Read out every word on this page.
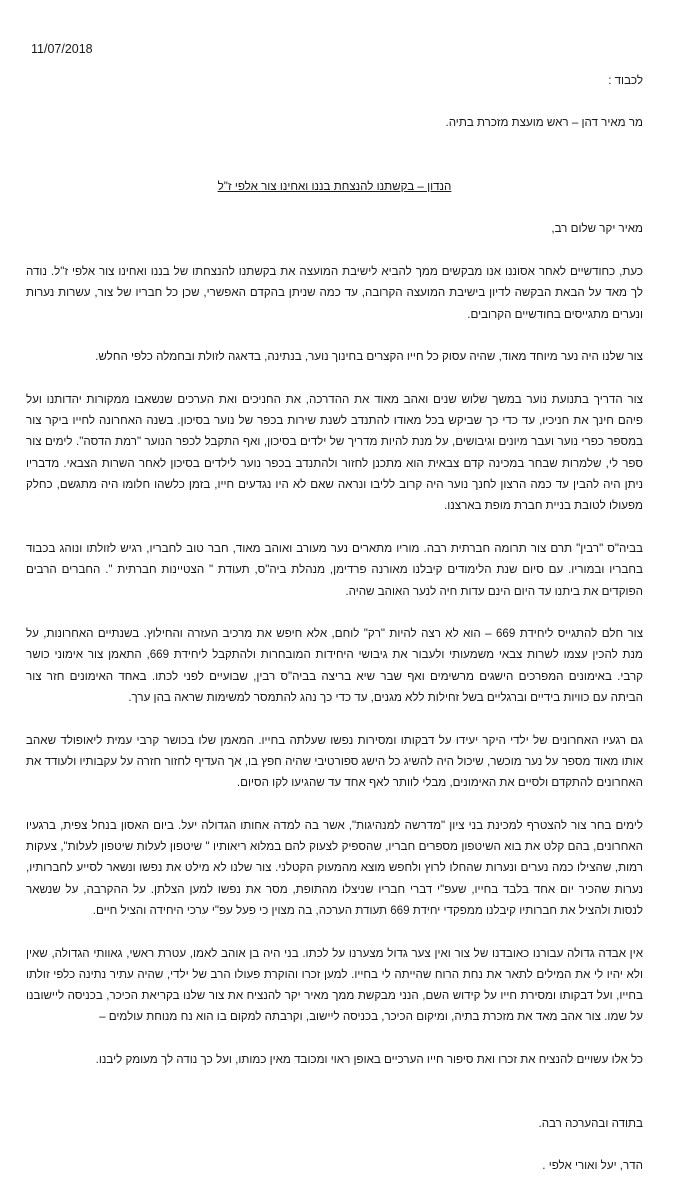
11/07/2018

לכבוד :

מר מאיר דהן – ראש מועצת מזכרת בתיה.

הנדון – בקשתנו להנצחת בננו ואחינו צור אלפי ז"ל

מאיר יקר שלום רב,

כעת, כחודשיים לאחר אסוננו אנו מבקשים ממך להביא לישיבת המועצה את בקשתנו להנצחתו של בננו ואחינו צור אלפי ז"ל. נודה לך מאד על הבאת הבקשה לדיון בישיבת המועצה הקרובה, עד כמה שניתן בהקדם האפשרי, שכן כל חבריו של צור, עשרות נערות ונערים מתגייסים בחודשיים הקרובים.

צור שלנו היה נער מיוחד מאוד, שהיה עסוק כל חייו הקצרים בחינוך נוער, בנתינה, בדאגה לזולת ובחמלה כלפי החלש.

צור הדריך בתנועת נוער במשך שלוש שנים ואהב מאוד את ההדרכה, את החניכים ואת הערכים שנשאבו ממקורות יהדותנו ועל פיהם חינך את חניכיו, עד כדי כך שביקש בכל מאודו להתנדב לשנת שירות בכפר של נוער בסיכון. בשנה האחרונה לחייו ביקר צור במספר כפרי נוער ועבר מיונים וגיבושים, על מנת להיות מדריך של ילדים בסיכון, ואף התקבל לכפר הנוער "רמת הדסה". לימים צור ספר לי, שלמרות שבחר במכינה קדם צבאית הוא מתכנן לחזור ולהתנדב בכפר נוער לילדים בסיכון לאחר השרות הצבאי. מדבריו ניתן היה להבין עד כמה הרצון לחנך נוער היה קרוב לליבו ונראה שאם לא היו נגדעים חייו, בזמן כלשהו חלומו היה מתגשם, כחלק מפעולו לטובת בניית חברת מופת בארצנו.

בביה"ס "רבין" תרם צור תרומה חברתית רבה. מוריו מתארים נער מעורב ואוהב מאוד, חבר טוב לחבריו, רגיש לזולתו ונוהג בכבוד בחבריו ובמוריו. עם סיום שנת הלימודים קיבלנו מאורנה פרדימן, מנהלת ביה"ס, תעודת " הצטיינות חברתית ". החברים הרבים הפוקדים את ביתנו עד היום הינם עדות חיה לנער האוהב שהיה.

צור חלם להתגייס ליחידת 669 – הוא לא רצה להיות "רק" לוחם, אלא חיפש את מרכיב העזרה והחילוץ. בשנתיים האחרונות, על מנת להכין עצמו לשרות צבאי משמעותי ולעבור את גיבושי היחידות המובחרות ולהתקבל ליחידת 669, התאמן צור אימוני כושר קרבי. באימונים המפרכים הישגים מרשימים ואף שבר שיא בריצה בביה"ס רבין, שבועיים לפני לכתו. באחד האימונים חזר צור הביתה עם כוויות בידיים וברגליים בשל זחילות ללא מגנים, עד כדי כך נהג להתמסר למשימות שראה בהן ערך.

גם רגעיו האחרונים של ילדי היקר יעידו על דבקותו ומסירות נפשו שעלתה בחייו. המאמן שלו בכושר קרבי עמית ליאופולד שאהב אותו מאוד מספר על נער מוכשר, שיכול היה להשיג כל הישג ספורטיבי שהיה חפץ בו, אך העדיף לחזור חזרה על עקבותיו ולעודד את האחרונים להתקדם ולסיים את האימונים, מבלי לוותר לאף אחד עד שהגיעו לקו הסיום.

לימים בחר צור להצטרף למכינת בני ציון "מדרשה למנהיגות", אשר בה למדה אחותו הגדולה יעל. ביום האסון בנחל צפית, ברגעיו האחרונים, בהם קלט את בוא השיטפון מספרים חבריו, שהספיק לצעוק להם במלוא ריאותיו " שיטפון לעלות שיטפון לעלות", צעקות רמות, שהצילו כמה נערים ונערות שהחלו לרוץ ולחפש מוצא מהמעוק הקטלני. צור שלנו לא מילט את נפשו ונשאר לסייע לחברותיו, נערות שהכיר יום אחד בלבד בחייו, שעפ"י דברי חבריו שניצלו מהתופת, מסר את נפשו למען הצלתן. על ההקרבה, על שנשאר לנסות ולהציל את חברותיו קיבלנו ממפקדי יחידת 669 תעודת הערכה, בה מצוין כי פעל עפ"י ערכי היחידה והציל חיים.

אין אבדה גדולה עבורנו כאובדנו של צור ואין צער גדול מצערנו על לכתו. בני היה בן אוהב לאמו, עטרת ראשי, גאוותי הגדולה, שאין ולא יהיו לי את המילים לתאר את נחת הרוח שהייתה לי בחייו. למען זכרו והוקרת פעולו הרב של ילדי, שהיה עתיר נתינה כלפי זולתו בחייו, ועל דבקותו ומסירת חייו על קידוש השם, הנני מבקשת ממך מאיר יקר להנציח את צור שלנו בקריאת הכיכר, בכניסה ליישובנו על שמו. צור אהב מאד את מזכרת בתיה, ומיקום הכיכר, בכניסה ליישוב, וקרבתה למקום בו הוא נח מנוחת עולמים –

כל אלו עשויים להנציח את זכרו ואת סיפור חייו הערכיים באופן ראוי ומכובד מאין כמותו, ועל כך נודה לך מעומק ליבנו.

בתודה ובהערכה רבה.

הדר, יעל ואורי אלפי .
